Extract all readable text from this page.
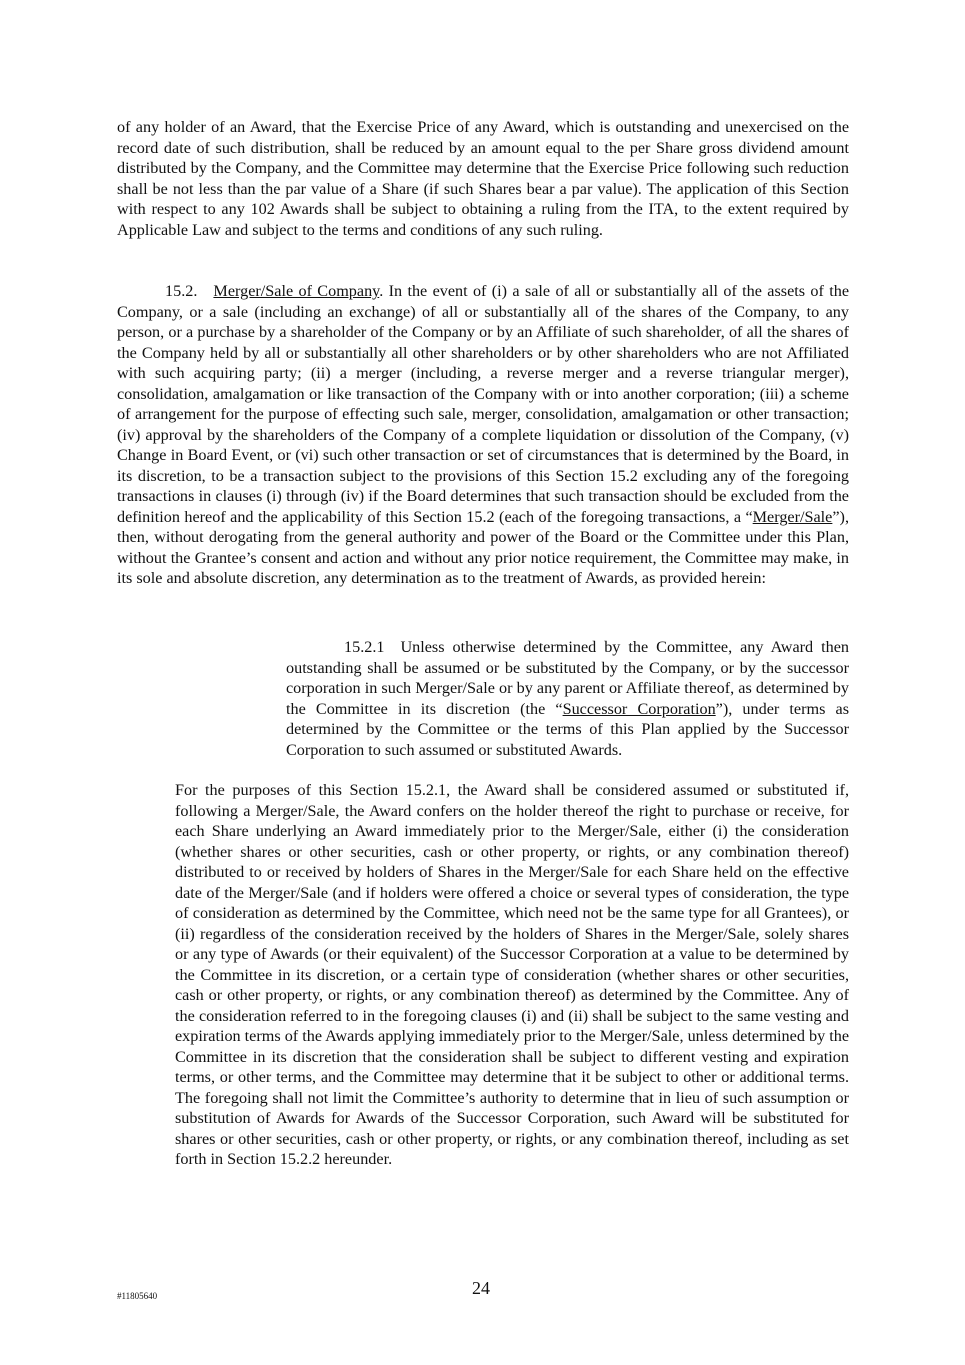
of any holder of an Award, that the Exercise Price of any Award, which is outstanding and unexercised on the record date of such distribution, shall be reduced by an amount equal to the per Share gross dividend amount distributed by the Company, and the Committee may determine that the Exercise Price following such reduction shall be not less than the par value of a Share (if such Shares bear a par value). The application of this Section with respect to any 102 Awards shall be subject to obtaining a ruling from the ITA, to the extent required by Applicable Law and subject to the terms and conditions of any such ruling.

15.2.   Merger/Sale of Company. In the event of (i) a sale of all or substantially all of the assets of the Company, or a sale (including an exchange) of all or substantially all of the shares of the Company, to any person, or a purchase by a shareholder of the Company or by an Affiliate of such shareholder, of all the shares of the Company held by all or substantially all other shareholders or by other shareholders who are not Affiliated with such acquiring party; (ii) a merger (including, a reverse merger and a reverse triangular merger), consolidation, amalgamation or like transaction of the Company with or into another corporation; (iii) a scheme of arrangement for the purpose of effecting such sale, merger, consolidation, amalgamation or other transaction; (iv) approval by the shareholders of the Company of a complete liquidation or dissolution of the Company, (v) Change in Board Event, or (vi) such other transaction or set of circumstances that is determined by the Board, in its discretion, to be a transaction subject to the provisions of this Section 15.2 excluding any of the foregoing transactions in clauses (i) through (iv) if the Board determines that such transaction should be excluded from the definition hereof and the applicability of this Section 15.2 (each of the foregoing transactions, a “Merger/Sale”), then, without derogating from the general authority and power of the Board or the Committee under this Plan, without the Grantee’s consent and action and without any prior notice requirement, the Committee may make, in its sole and absolute discretion, any determination as to the treatment of Awards, as provided herein:

15.2.1  Unless otherwise determined by the Committee, any Award then outstanding shall be assumed or be substituted by the Company, or by the successor corporation in such Merger/Sale or by any parent or Affiliate thereof, as determined by the Committee in its discretion (the “Successor Corporation”), under terms as determined by the Committee or the terms of this Plan applied by the Successor Corporation to such assumed or substituted Awards.

For the purposes of this Section 15.2.1, the Award shall be considered assumed or substituted if, following a Merger/Sale, the Award confers on the holder thereof the right to purchase or receive, for each Share underlying an Award immediately prior to the Merger/Sale, either (i) the consideration (whether shares or other securities, cash or other property, or rights, or any combination thereof) distributed to or received by holders of Shares in the Merger/Sale for each Share held on the effective date of the Merger/Sale (and if holders were offered a choice or several types of consideration, the type of consideration as determined by the Committee, which need not be the same type for all Grantees), or (ii) regardless of the consideration received by the holders of Shares in the Merger/Sale, solely shares or any type of Awards (or their equivalent) of the Successor Corporation at a value to be determined by the Committee in its discretion, or a certain type of consideration (whether shares or other securities, cash or other property, or rights, or any combination thereof) as determined by the Committee. Any of the consideration referred to in the foregoing clauses (i) and (ii) shall be subject to the same vesting and expiration terms of the Awards applying immediately prior to the Merger/Sale, unless determined by the Committee in its discretion that the consideration shall be subject to different vesting and expiration terms, or other terms, and the Committee may determine that it be subject to other or additional terms. The foregoing shall not limit the Committee’s authority to determine that in lieu of such assumption or substitution of Awards for Awards of the Successor Corporation, such Award will be substituted for shares or other securities, cash or other property, or rights, or any combination thereof, including as set forth in Section 15.2.2 hereunder.

#11805640	24
